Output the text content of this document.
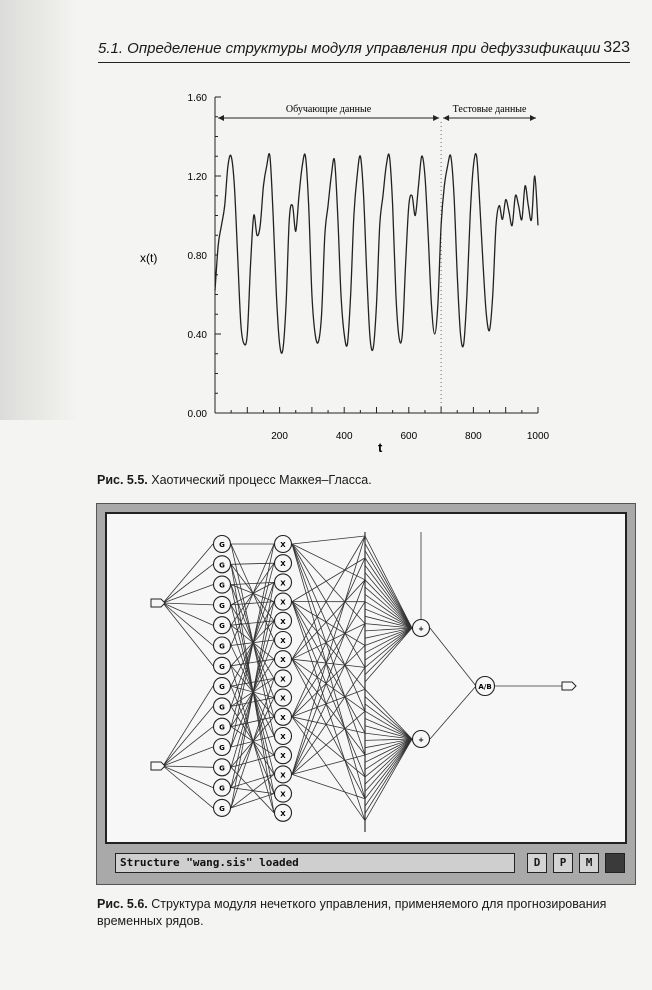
5.1. Определение структуры модуля управления при дефуззификации 323
0.00
0.40
0.80
1.20
1.60
200	400	600	800	1000
Обучающие данные	Тестовые данные
x(t)
t
Рис. 5.5. Хаотический процесс Маккея–Гласса.
G
G
G
G
G
G
G
G
G
G
G
G
G
G
X
X
X
X
X
X
X
X
X
X
X
X
X
X
X
+
+
A/B
Structure "wang.sis" loaded	D	P	M
Рис. 5.6. Структура модуля нечеткого управления, применяемого для прогнозирования временных рядов.
